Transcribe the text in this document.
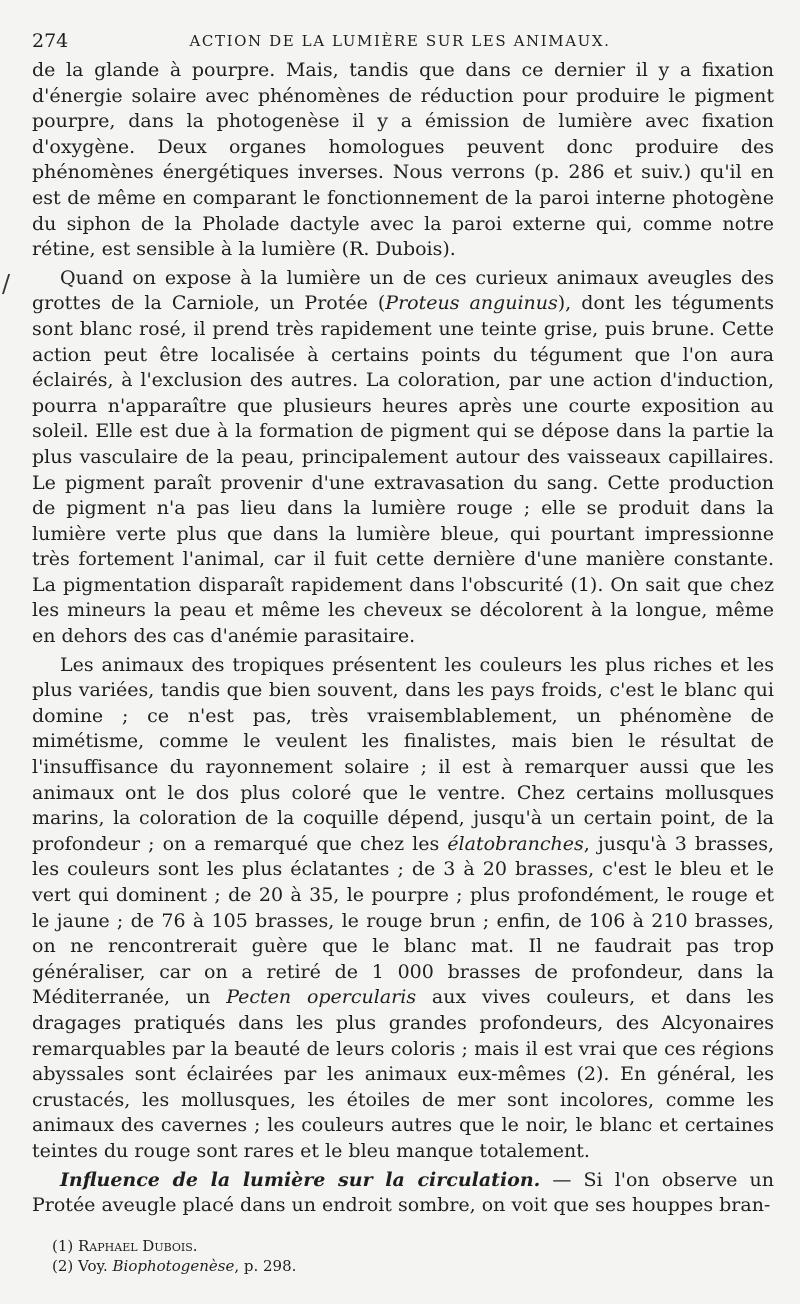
274	ACTION DE LA LUMIÈRE SUR LES ANIMAUX.
/

de la glande à pourpre. Mais, tandis que dans ce dernier il y a fixation d'énergie solaire avec phénomènes de réduction pour produire le pigment pourpre, dans la photogenèse il y a émission de lumière avec fixation d'oxygène. Deux organes homologues peuvent donc produire des phénomènes énergétiques inverses. Nous verrons (p. 286 et suiv.) qu'il en est de même en comparant le fonctionnement de la paroi interne photogène du siphon de la Pholade dactyle avec la paroi externe qui, comme notre rétine, est sensible à la lumière (R. Dubois).

Quand on expose à la lumière un de ces curieux animaux aveugles des grottes de la Carniole, un Protée (Proteus anguinus), dont les téguments sont blanc rosé, il prend très rapidement une teinte grise, puis brune. Cette action peut être localisée à certains points du tégument que l'on aura éclairés, à l'exclusion des autres. La coloration, par une action d'induction, pourra n'apparaître que plusieurs heures après une courte exposition au soleil. Elle est due à la formation de pigment qui se dépose dans la partie la plus vasculaire de la peau, principalement autour des vaisseaux capillaires. Le pigment paraît provenir d'une extravasation du sang. Cette production de pigment n'a pas lieu dans la lumière rouge ; elle se produit dans la lumière verte plus que dans la lumière bleue, qui pourtant impressionne très fortement l'animal, car il fuit cette dernière d'une manière constante. La pigmentation disparaît rapidement dans l'obscurité (1). On sait que chez les mineurs la peau et même les cheveux se décolorent à la longue, même en dehors des cas d'anémie parasitaire.

Les animaux des tropiques présentent les couleurs les plus riches et les plus variées, tandis que bien souvent, dans les pays froids, c'est le blanc qui domine ; ce n'est pas, très vraisemblablement, un phénomène de mimétisme, comme le veulent les finalistes, mais bien le résultat de l'insuffisance du rayonnement solaire ; il est à remarquer aussi que les animaux ont le dos plus coloré que le ventre. Chez certains mollusques marins, la coloration de la coquille dépend, jusqu'à un certain point, de la profondeur ; on a remarqué que chez les élatobranches, jusqu'à 3 brasses, les couleurs sont les plus éclatantes ; de 3 à 20 brasses, c'est le bleu et le vert qui dominent ; de 20 à 35, le pourpre ; plus profondément, le rouge et le jaune ; de 76 à 105 brasses, le rouge brun ; enfin, de 106 à 210 brasses, on ne rencontrerait guère que le blanc mat. Il ne faudrait pas trop généraliser, car on a retiré de 1 000 brasses de profondeur, dans la Méditerranée, un Pecten opercularis aux vives couleurs, et dans les dragages pratiqués dans les plus grandes profondeurs, des Alcyonaires remarquables par la beauté de leurs coloris ; mais il est vrai que ces régions abyssales sont éclairées par les animaux eux-mêmes (2). En général, les crustacés, les mollusques, les étoiles de mer sont incolores, comme les animaux des cavernes ; les couleurs autres que le noir, le blanc et certaines teintes du rouge sont rares et le bleu manque totalement.

Influence de la lumière sur la circulation. — Si l'on observe un Protée aveugle placé dans un endroit sombre, on voit que ses houppes bran-

(1) Raphael Dubois.

(2) Voy. Biophotogenèse, p. 298.
